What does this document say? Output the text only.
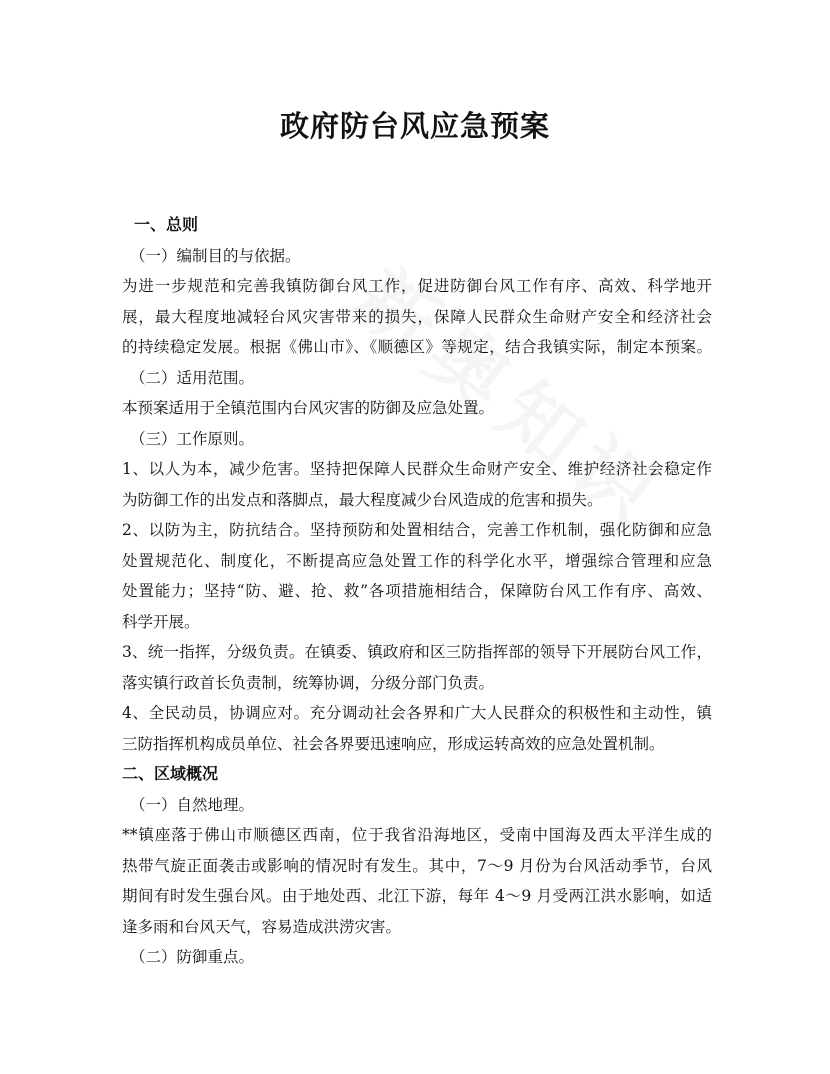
政府防台风应急预案
一、总则
（一）编制目的与依据。
为进一步规范和完善我镇防御台风工作，促进防御台风工作有序、高效、科学地开
展，最大程度地减轻台风灾害带来的损失，保障人民群众生命财产安全和经济社会
的持续稳定发展。根据《佛山市》、《顺德区》等规定，结合我镇实际，制定本预案。
（二）适用范围。
本预案适用于全镇范围内台风灾害的防御及应急处置。
（三）工作原则。
1、以人为本，减少危害。坚持把保障人民群众生命财产安全、维护经济社会稳定作
为防御工作的出发点和落脚点，最大程度减少台风造成的危害和损失。
2、以防为主，防抗结合。坚持预防和处置相结合，完善工作机制，强化防御和应急
处置规范化、制度化，不断提高应急处置工作的科学化水平，增强综合管理和应急
处置能力；坚持“防、避、抢、救”各项措施相结合，保障防台风工作有序、高效、
科学开展。
3、统一指挥，分级负责。在镇委、镇政府和区三防指挥部的领导下开展防台风工作，
落实镇行政首长负责制，统筹协调，分级分部门负责。
4、全民动员，协调应对。充分调动社会各界和广大人民群众的积极性和主动性，镇
三防指挥机构成员单位、社会各界要迅速响应，形成运转高效的应急处置机制。
二、区域概况
（一）自然地理。
**镇座落于佛山市顺德区西南，位于我省沿海地区，受南中国海及西太平洋生成的
热带气旋正面袭击或影响的情况时有发生。其中，7～9 月份为台风活动季节，台风
期间有时发生强台风。由于地处西、北江下游，每年 4～9 月受两江洪水影响，如适
逢多雨和台风天气，容易造成洪涝灾害。
（二）防御重点。
